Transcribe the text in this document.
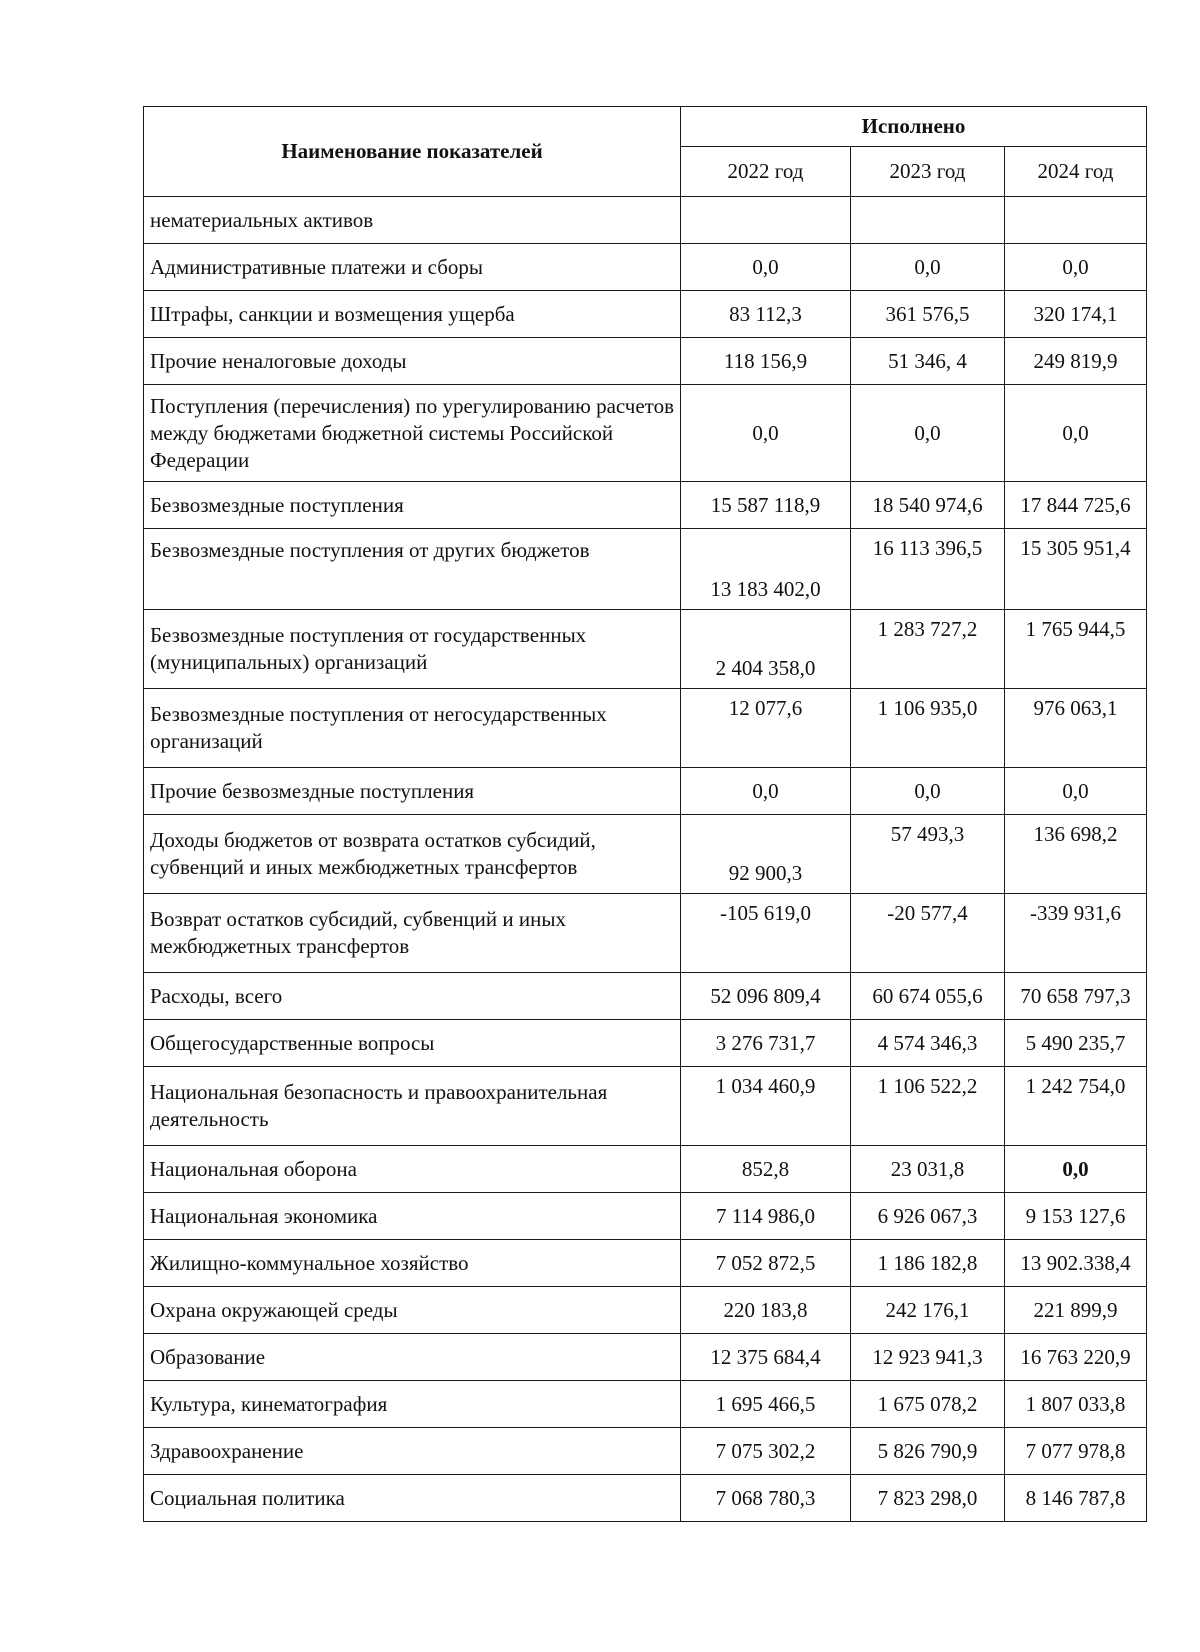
Наименование показателей	Исполнено		
	2022 год	2023 год	2024 год
нематериальных активов			
Административные платежи и сборы	0,0	0,0	0,0
Штрафы, санкции и возмещения ущерба	83 112,3	361 576,5	320 174,1
Прочие неналоговые доходы	118 156,9	51 346, 4	249 819,9
Поступления (перечисления) по урегулированию расчетов между бюджетами бюджетной системы Российской Федерации	0,0	0,0	0,0
Безвозмездные поступления	15 587 118,9	18 540 974,6	17 844 725,6
Безвозмездные поступления от других бюджетов	13 183 402,0	16 113 396,5	15 305 951,4
Безвозмездные поступления от государственных (муниципальных) организаций	2 404 358,0	1 283 727,2	1 765 944,5
Безвозмездные поступления от негосударственных организаций	12 077,6	1 106 935,0	976 063,1
Прочие безвозмездные поступления	0,0	0,0	0,0
Доходы бюджетов от возврата остатков субсидий, субвенций и иных межбюджетных трансфертов	92 900,3	57 493,3	136 698,2
Возврат остатков субсидий, субвенций и иных межбюджетных трансфертов	-105 619,0	-20 577,4	-339 931,6
Расходы, всего	52 096 809,4	60 674 055,6	70 658 797,3
Общегосударственные вопросы	3 276 731,7	4 574 346,3	5 490 235,7
Национальная безопасность и правоохранительная деятельность	1 034 460,9	1 106 522,2	1 242 754,0
Национальная оборона	852,8	23 031,8	0,0
Национальная экономика	7 114 986,0	6 926 067,3	9 153 127,6
Жилищно-коммунальное хозяйство	7 052 872,5	1 186 182,8	13 902.338,4
Охрана окружающей среды	220 183,8	242 176,1	221 899,9
Образование	12 375 684,4	12 923 941,3	16 763 220,9
Культура, кинематография	1 695 466,5	1 675 078,2	1 807 033,8
Здравоохранение	7 075 302,2	5 826 790,9	7 077 978,8
Социальная политика	7 068 780,3	7 823 298,0	8 146 787,8
